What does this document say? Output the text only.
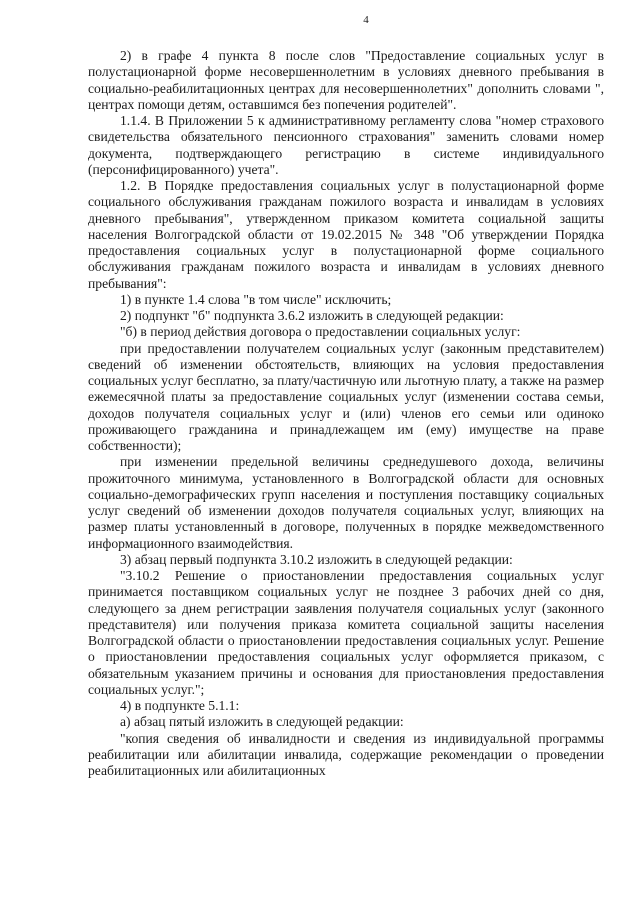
4

2) в графе 4 пункта 8 после слов "Предоставление социальных услуг в полустационарной форме несовершеннолетним в условиях дневного пребывания в социально-реабилитационных центрах для несовершеннолетних" дополнить словами ", центрах помощи детям, оставшимся без попечения родителей".

1.1.4. В Приложении 5 к административному регламенту слова "номер страхового свидетельства обязательного пенсионного страхования" заменить словами номер документа, подтверждающего регистрацию в системе индивидуального (персонифицированного) учета".

1.2. В Порядке предоставления социальных услуг в полустационарной форме социального обслуживания гражданам пожилого возраста и инвалидам в условиях дневного пребывания", утвержденном приказом комитета социальной защиты населения Волгоградской области от 19.02.2015 № 348 "Об утверждении Порядка предоставления социальных услуг в полустационарной форме социального обслуживания гражданам пожилого возраста и инвалидам в условиях дневного пребывания":

1) в пункте 1.4 слова "в том числе" исключить;

2) подпункт "б" подпункта 3.6.2 изложить в следующей редакции:

"б) в период действия договора о предоставлении социальных услуг:

при предоставлении получателем социальных услуг (законным представителем) сведений об изменении обстоятельств, влияющих на условия предоставления социальных услуг бесплатно, за плату/частичную или льготную плату, а также на размер ежемесячной платы за предоставление социальных услуг (изменении состава семьи, доходов получателя социальных услуг и (или) членов его семьи или одиноко проживающего гражданина и принадлежащем им (ему) имуществе на праве собственности);

при изменении предельной величины среднедушевого дохода, величины прожиточного минимума, установленного в Волгоградской области для основных социально-демографических групп населения и поступления поставщику социальных услуг сведений об изменении доходов получателя социальных услуг, влияющих на размер платы установленный в договоре, полученных в порядке межведомственного информационного взаимодействия.

3) абзац первый подпункта 3.10.2 изложить в следующей редакции:

"3.10.2 Решение о приостановлении предоставления социальных услуг принимается поставщиком социальных услуг не позднее 3 рабочих дней со дня, следующего за днем регистрации заявления получателя социальных услуг (законного представителя) или получения приказа комитета социальной защиты населения Волгоградской области о приостановлении предоставления социальных услуг. Решение о приостановлении предоставления социальных услуг оформляется приказом, с обязательным указанием причины и основания для приостановления предоставления социальных услуг.";

4) в подпункте 5.1.1:

а) абзац пятый изложить в следующей редакции:

"копия сведения об инвалидности и сведения из индивидуальной программы реабилитации или абилитации инвалида, содержащие рекомендации о проведении реабилитационных или абилитационных
